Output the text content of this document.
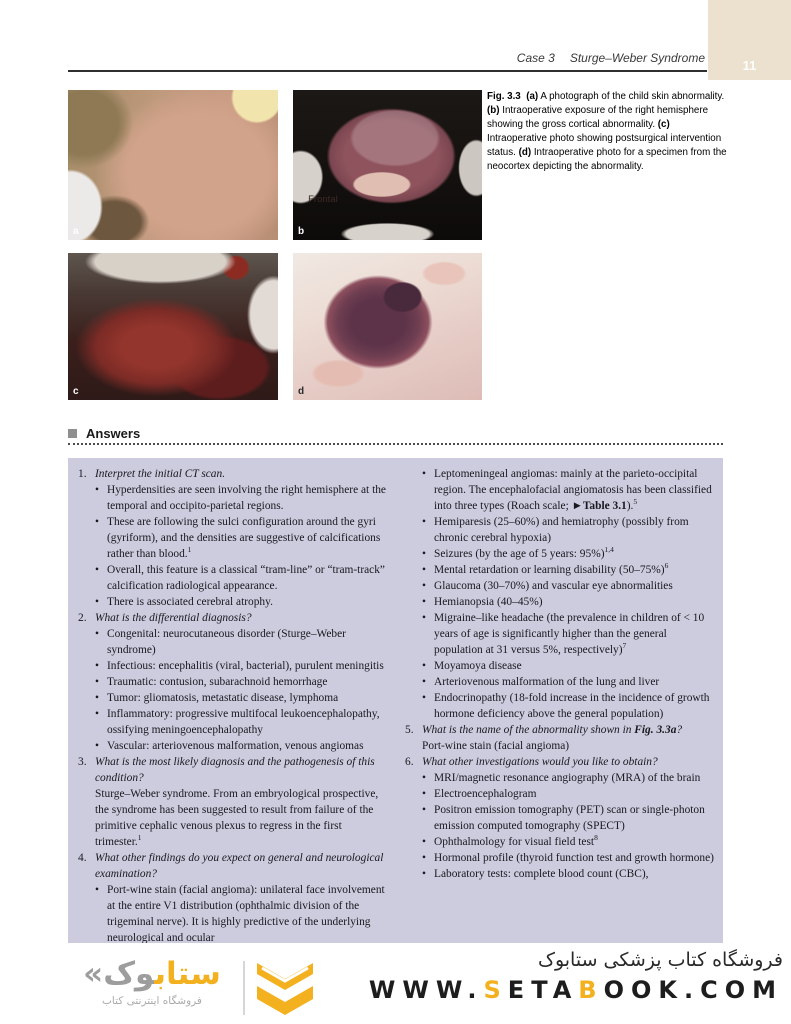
Case 3 Sturge–Weber Syndrome	11
a
Frontal
b
c	d
Fig. 3.3 (a) A photograph of the child skin abnormality. (b) Intraoperative exposure of the right hemisphere showing the gross cortical abnormality. (c) Intraoperative photo showing postsurgical intervention status. (d) Intraoperative photo for a specimen from the neocortex depicting the abnormality.
Answers
1. Interpret the initial CT scan.
• Hyperdensities are seen involving the right hemisphere at the temporal and occipito-parietal regions.
• These are following the sulci configuration around the gyri (gyriform), and the densities are suggestive of calcifications rather than blood.$^1$
• Overall, this feature is a classical “tram-line” or “tram-track” calcification radiological appearance.
• There is associated cerebral atrophy.
2. What is the differential diagnosis?
• Congenital: neurocutaneous disorder (Sturge–Weber syndrome)
• Infectious: encephalitis (viral, bacterial), purulent meningitis
• Traumatic: contusion, subarachnoid hemorrhage
• Tumor: gliomatosis, metastatic disease, lymphoma
• Inflammatory: progressive multifocal leukoencephalopathy, ossifying meningoencephalopathy
• Vascular: arteriovenous malformation, venous angiomas
3. What is the most likely diagnosis and the pathogenesis of this condition?
Sturge–Weber syndrome. From an embryological prospective, the syndrome has been suggested to result from failure of the primitive cephalic venous plexus to regress in the first trimester.$^1$
4. What other findings do you expect on general and neurological examination?
• Port-wine stain (facial angioma): unilateral face involvement at the entire V1 distribution (ophthalmic division of the trigeminal nerve). It is highly predictive of the underlying neurological and ocular
• Leptomeningeal angiomas: mainly at the parieto-occipital region. The encephalofacial angiomatosis has been classified into three types (Roach scale; ►Table 3.1).$^5$
• Hemiparesis (25–60%) and hemiatrophy (possibly from chronic cerebral hypoxia)
• Seizures (by the age of 5 years: 95%)$^{1,4}$
• Mental retardation or learning disability $(50-75\%)^6$
• Glaucoma (30–70%) and vascular eye abnormalities
• Hemianopsia (40–45%)
• Migraine–like headache (the prevalence in children of < 10 years of age is significantly higher than the general population at 31 versus 5%, respectively)$^7$
• Moyamoya disease
• Arteriovenous malformation of the lung and liver
• Endocrinopathy (18-fold increase in the incidence of growth hormone deficiency above the general population)
5. What is the name of the abnormality shown in Fig. 3.3a?
Port-wine stain (facial angioma)
6. What other investigations would you like to obtain?
• MRI/magnetic resonance angiography (MRA) of the brain
• Electroencephalogram
• Positron emission tomography (PET) scan or single-photon emission computed tomography (SPECT)
• Ophthalmology for visual field test$^8$
• Hormonal profile (thyroid function test and growth hormone)
• Laboratory tests: complete blood count (CBC),
ستابوک«
فروشگاه اینترنتی کتاب
فروشگاه کتاب پزشکی ستابوک
WWW.SETABOOK.COM
